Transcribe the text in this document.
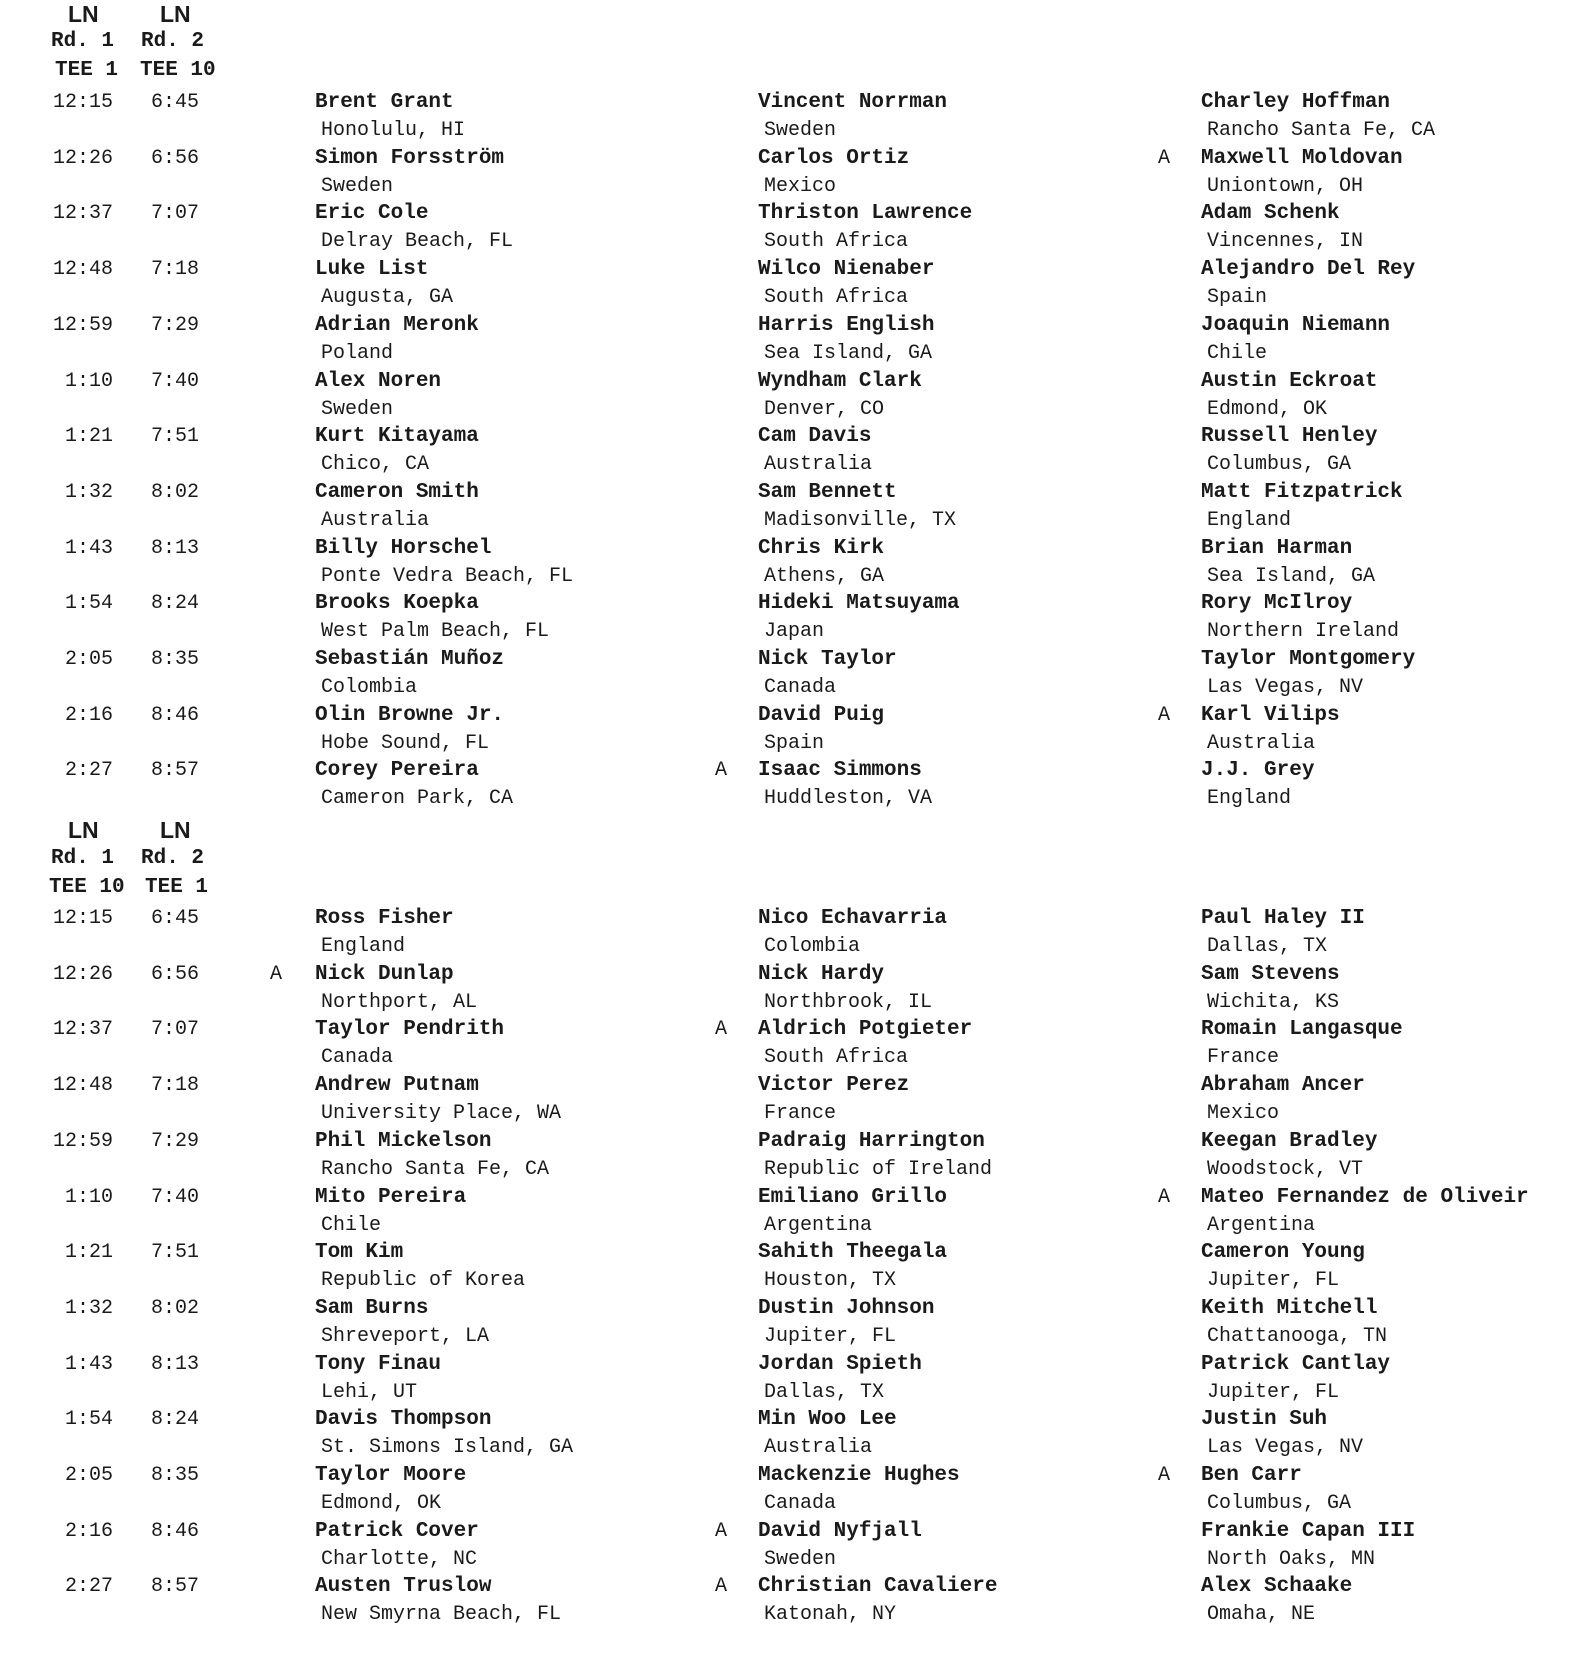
LN	LN
Rd. 1 Rd. 2
TEE 1 TEE 10
12:15 6:45	Brent Grant
Honolulu, HI
Vincent Norrman
Sweden
Charley Hoffman
Rancho Santa Fe, CA
12:26 6:56	Simon Forsström
Sweden
Carlos Ortiz
Mexico
A Maxwell Moldovan
Uniontown, OH
12:37 7:07	Eric Cole
Delray Beach, FL
Thriston Lawrence
South Africa
Adam Schenk
Vincennes, IN
12:48 7:18	Luke List
Augusta, GA
Wilco Nienaber
South Africa
Alejandro Del Rey
Spain
12:59 7:29	Adrian Meronk
Poland
Harris English
Sea Island, GA
Joaquin Niemann
Chile
1:10 7:40	Alex Noren
Sweden
Wyndham Clark
Denver, CO
Austin Eckroat
Edmond, OK
1:21 7:51	Kurt Kitayama
Chico, CA
Cam Davis
Australia
Russell Henley
Columbus, GA
1:32 8:02	Cameron Smith
Australia
Sam Bennett
Madisonville, TX
Matt Fitzpatrick
England
1:43 8:13	Billy Horschel
Ponte Vedra Beach, FL
Chris Kirk
Athens, GA
Brian Harman
Sea Island, GA
1:54 8:24	Brooks Koepka
West Palm Beach, FL
Hideki Matsuyama
Japan
Rory McIlroy
Northern Ireland
2:05 8:35	Sebastián Muñoz
Colombia
Nick Taylor
Canada
Taylor Montgomery
Las Vegas, NV
2:16 8:46	Olin Browne Jr.
Hobe Sound, FL
David Puig
Spain
A Karl Vilips
Australia
2:27 8:57	Corey Pereira
Cameron Park, CA
A Isaac Simmons
Huddleston, VA
J.J. Grey
England
LN	LN
Rd. 1 Rd. 2
TEE 10 TEE 1
12:15 6:45	Ross Fisher
England
Nico Echavarria
Colombia
Paul Haley II
Dallas, TX
12:26 6:56	A Nick Dunlap
Northport, AL
Nick Hardy
Northbrook, IL
Sam Stevens
Wichita, KS
12:37 7:07	Taylor Pendrith
Canada
A Aldrich Potgieter
South Africa
Romain Langasque
France
12:48 7:18	Andrew Putnam
University Place, WA
Victor Perez
France
Abraham Ancer
Mexico
12:59 7:29	Phil Mickelson
Rancho Santa Fe, CA
Padraig Harrington
Republic of Ireland
Keegan Bradley
Woodstock, VT
1:10 7:40	Mito Pereira
Chile
Emiliano Grillo
Argentina
A Mateo Fernandez de Oliveir
Argentina
1:21 7:51	Tom Kim
Republic of Korea
Sahith Theegala
Houston, TX
Cameron Young
Jupiter, FL
1:32 8:02	Sam Burns
Shreveport, LA
Dustin Johnson
Jupiter, FL
Keith Mitchell
Chattanooga, TN
1:43 8:13	Tony Finau
Lehi, UT
Jordan Spieth
Dallas, TX
Patrick Cantlay
Jupiter, FL
1:54 8:24	Davis Thompson
St. Simons Island, GA
Min Woo Lee
Australia
Justin Suh
Las Vegas, NV
2:05 8:35	Taylor Moore
Edmond, OK
Mackenzie Hughes
Canada
A Ben Carr
Columbus, GA
2:16 8:46	Patrick Cover
Charlotte, NC
A David Nyfjall
Sweden
Frankie Capan III
North Oaks, MN
2:27 8:57	Austen Truslow
New Smyrna Beach, FL
A Christian Cavaliere
Katonah, NY
Alex Schaake
Omaha, NE
